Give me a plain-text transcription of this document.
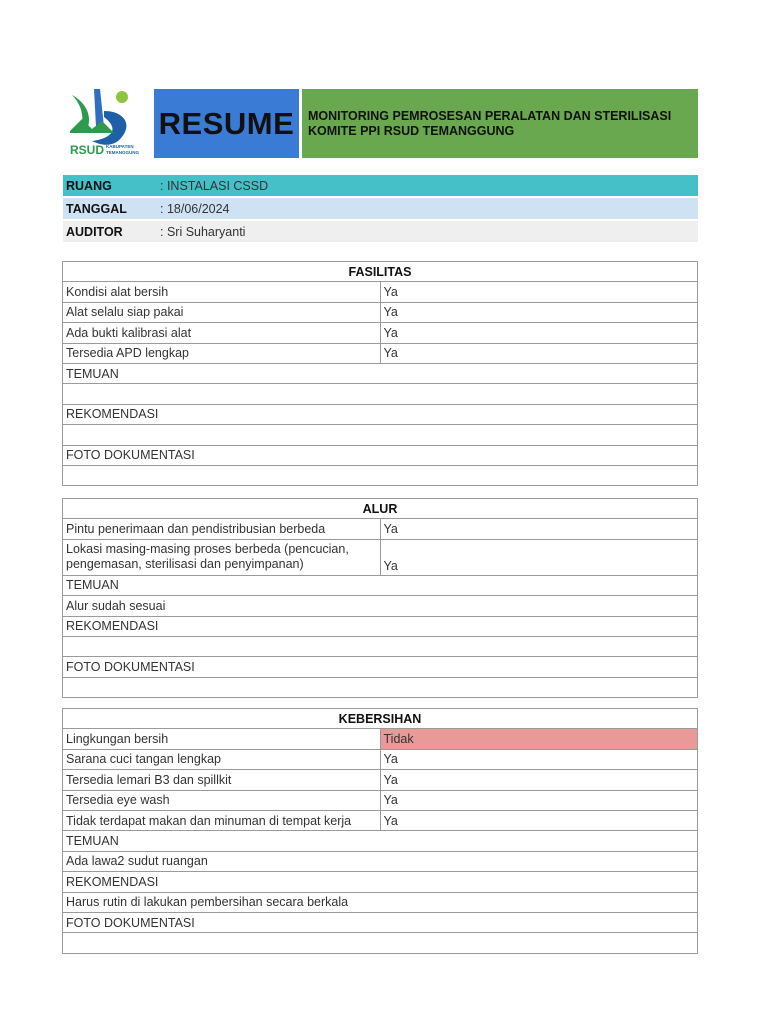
RSUD KABUPATEN
TEMANGGUNG
RESUME	MONITORING PEMROSESAN PERALATAN DAN STERILISASI
KOMITE PPI RSUD TEMANGGUNG
RUANG	: INSTALASI CSSD
TANGGAL	: 18/06/2024
AUDITOR	: Sri Suharyanti
FASILITAS	
Kondisi alat bersih	Ya
Alat selalu siap pakai	Ya
Ada bukti kalibrasi alat	Ya
Tersedia APD lengkap	Ya
TEMUAN	

REKOMENDASI	

FOTO DOKUMENTASI	

ALUR	
Pintu penerimaan dan pendistribusian berbeda	Ya
Lokasi masing-masing proses berbeda (pencucian, pengemasan, sterilisasi dan penyimpanan)	Ya
TEMUAN	
Alur sudah sesuai	
REKOMENDASI	

FOTO DOKUMENTASI	

KEBERSIHAN	
Lingkungan bersih	Tidak
Sarana cuci tangan lengkap	Ya
Tersedia lemari B3 dan spillkit	Ya
Tersedia eye wash	Ya
Tidak terdapat makan dan minuman di tempat kerja	Ya
TEMUAN	
Ada lawa2 sudut ruangan	
REKOMENDASI	
Harus rutin di lakukan pembersihan secara berkala	
FOTO DOKUMENTASI	
